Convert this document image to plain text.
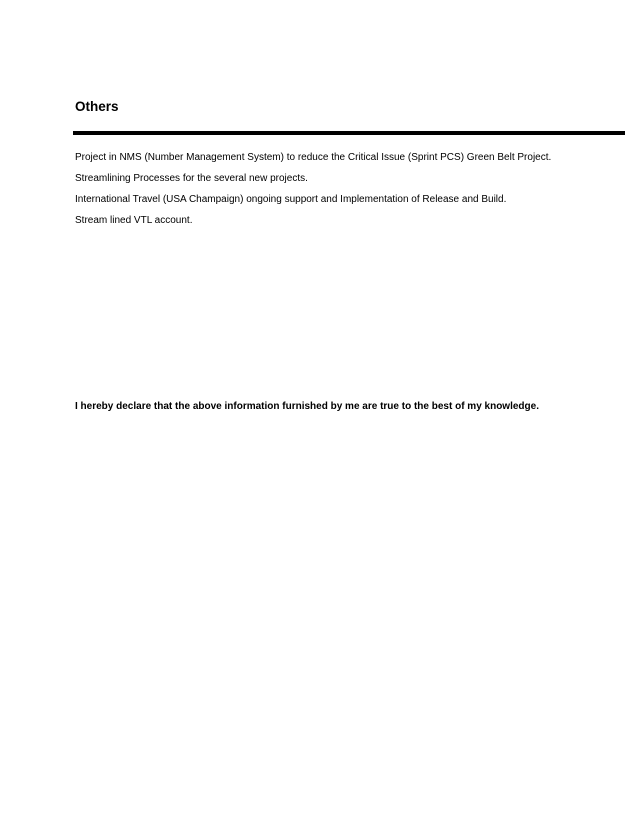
Others

Project in NMS (Number Management System) to reduce the Critical Issue (Sprint PCS) Green Belt Project.

Streamlining Processes for the several new projects.

International Travel (USA Champaign) ongoing support and Implementation of Release and Build.

Stream lined VTL account.

I hereby declare that the above information furnished by me are true to the best of my knowledge.
